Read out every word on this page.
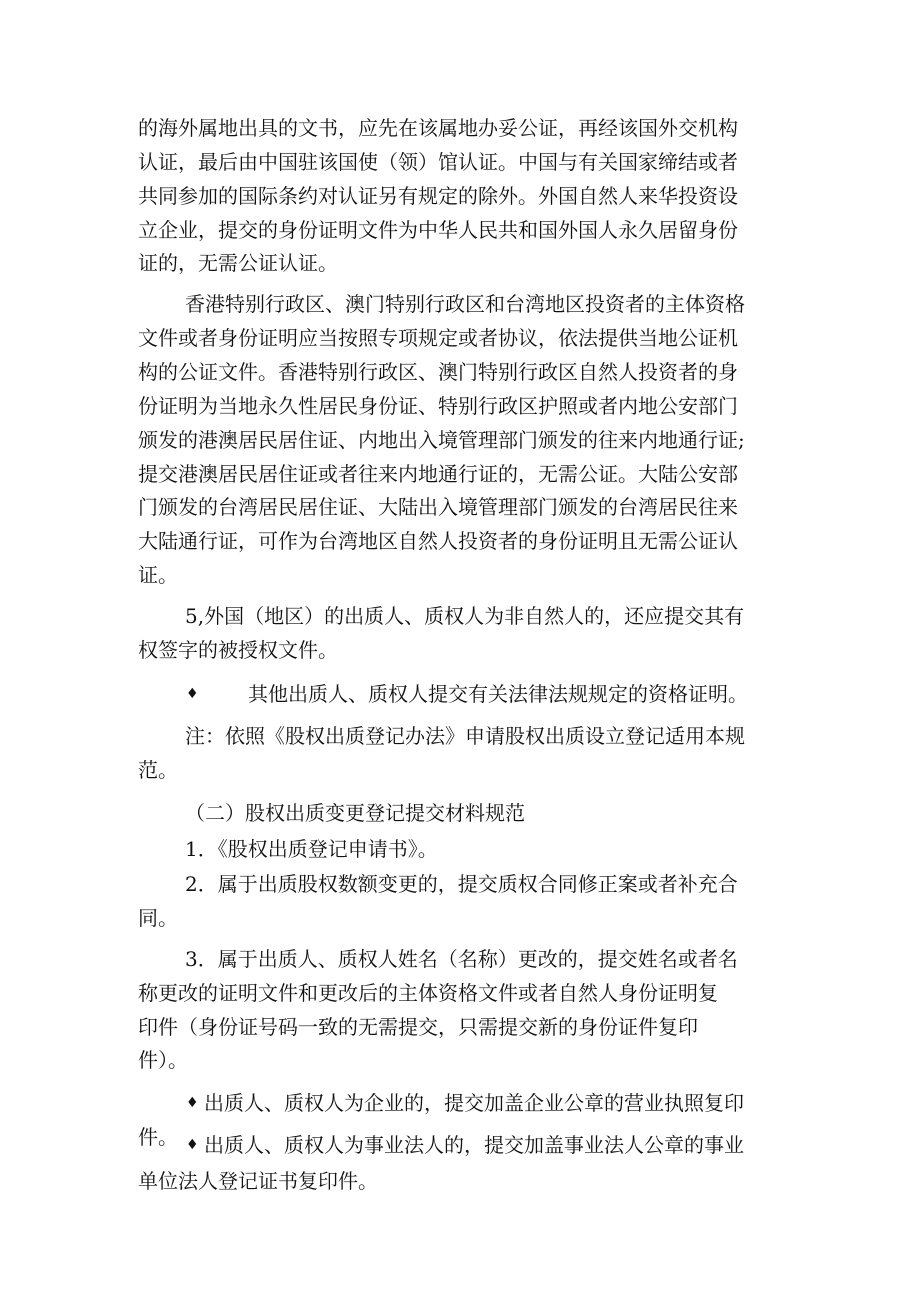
的海外属地出具的文书，应先在该属地办妥公证，再经该国外交机构
认证，最后由中国驻该国使（领）馆认证。中国与有关国家缔结或者
共同参加的国际条约对认证另有规定的除外。外国自然人来华投资设
立企业，提交的身份证明文件为中华人民共和国外国人永久居留身份
证的，无需公证认证。
香港特别行政区、澳门特别行政区和台湾地区投资者的主体资格
文件或者身份证明应当按照专项规定或者协议，依法提供当地公证机
构的公证文件。香港特别行政区、澳门特别行政区自然人投资者的身
份证明为当地永久性居民身份证、特别行政区护照或者内地公安部门
颁发的港澳居民居住证、内地出入境管理部门颁发的往来内地通行证;
提交港澳居民居住证或者往来内地通行证的，无需公证。大陆公安部
门颁发的台湾居民居住证、大陆出入境管理部门颁发的台湾居民往来
大陆通行证，可作为台湾地区自然人投资者的身份证明且无需公证认
证。
5,外国（地区）的出质人、质权人为非自然人的，还应提交其有
权签字的被授权文件。
♦ 其他出质人、质权人提交有关法律法规规定的资格证明。
注：依照《股权出质登记办法》申请股权出质设立登记适用本规
范。
（二）股权出质变更登记提交材料规范
1．《股权出质登记申请书》。
2．属于出质股权数额变更的，提交质权合同修正案或者补充合
同。
3．属于出质人、质权人姓名（名称）更改的，提交姓名或者名
称更改的证明文件和更改后的主体资格文件或者自然人身份证明复
印件（身份证号码一致的无需提交，只需提交新的身份证件复印
件）。
♦ 出质人、质权人为企业的，提交加盖企业公章的营业执照复印
件。 ♦ 出质人、质权人为事业法人的，提交加盖事业法人公章的事业
单位法人登记证书复印件。
